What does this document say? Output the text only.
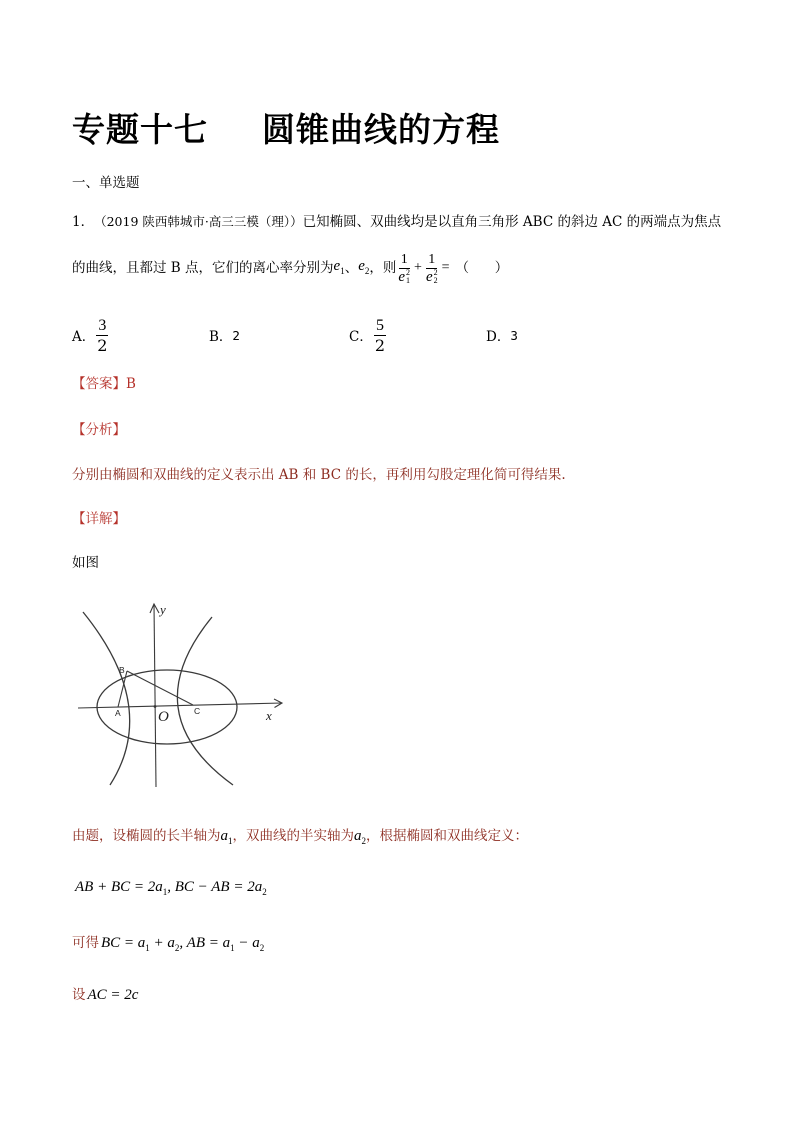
专题十七 圆锥曲线的方程
一、单选题
1． （2019 陕西韩城市·高三三模（理）） 已知椭圆、双曲线均是以直角三角形 ABC 的斜边 AC 的两端点为焦点
的曲线，且都过 B 点，它们的离心率分别为 $e_1$ 、 $e_2$ ，则 1
e 2
1 + 1
e 2
2 = （      ）
A． $\frac{3}{2}$	B． 2	C． $\frac{5}{2}$	D． 3
【答案】 B
【分析】
分别由椭圆和双曲线的定义表示出 AB 和 BC 的长，再利用勾股定理化简可得结果.
【详解】
如图
A
B
C
O	x
y
由题，设椭圆的长半轴为 $a_1$ ，双曲线的半实轴为 $a_2$ ，根据椭圆和双曲线定义：
AB + BC = $2a_1$, BC − AB = $2a_2$
可得 BC = $a_1 + a_2$, AB = $a_1 - a_2$
设 AC = 2c
